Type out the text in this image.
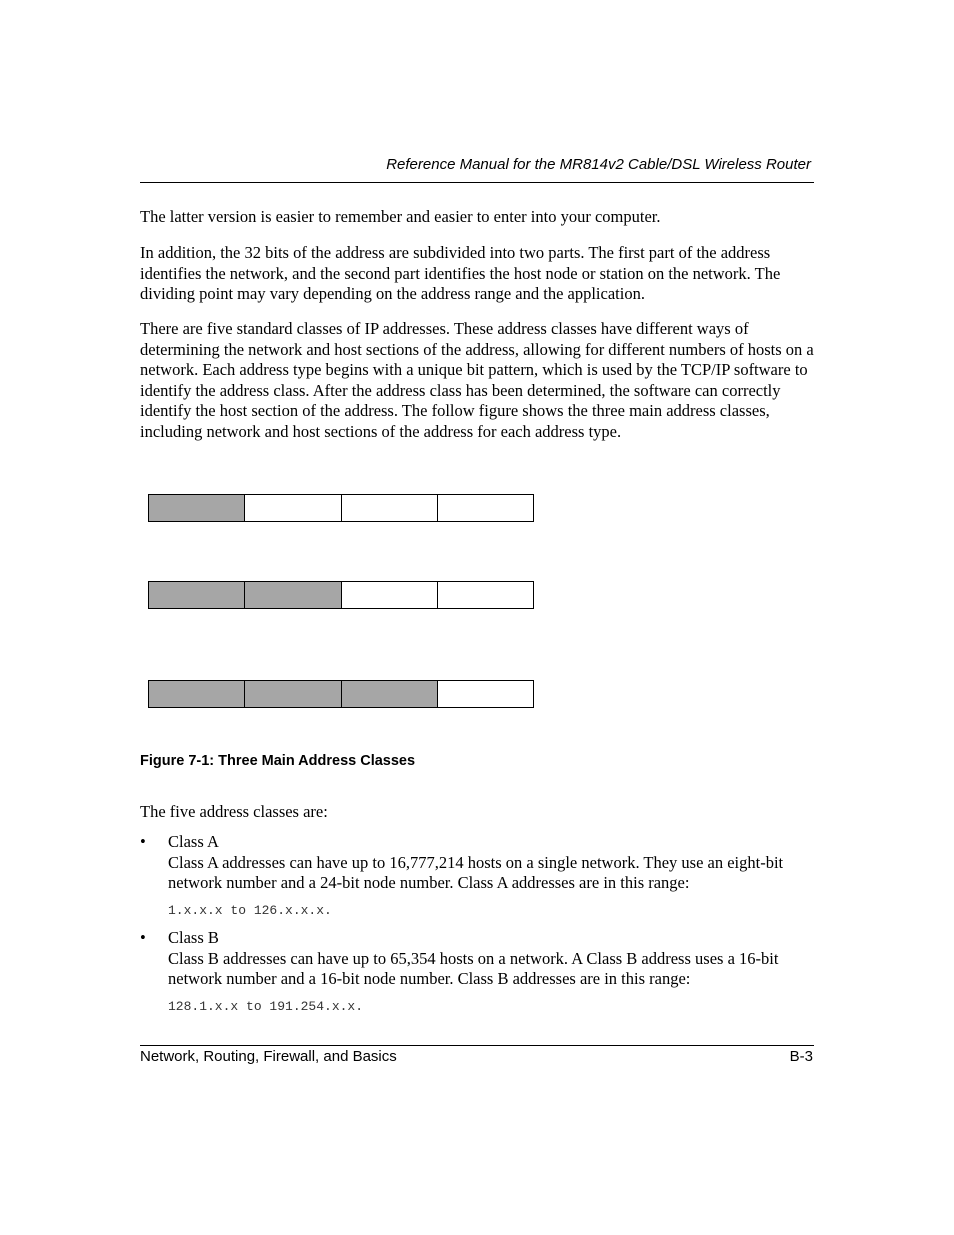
Reference Manual for the MR814v2 Cable/DSL Wireless Router

The latter version is easier to remember and easier to enter into your computer.

In addition, the 32 bits of the address are subdivided into two parts. The first part of the address identifies the network, and the second part identifies the host node or station on the network. The dividing point may vary depending on the address range and the application.

There are five standard classes of IP addresses. These address classes have different ways of determining the network and host sections of the address, allowing for different numbers of hosts on a network. Each address type begins with a unique bit pattern, which is used by the TCP/IP software to identify the address class. After the address class has been determined, the software can correctly identify the host section of the address. The follow figure shows the three main address classes, including network and host sections of the address for each address type.

Figure 7-1: Three Main Address Classes

The five address classes are:

• Class A
Class A addresses can have up to 16,777,214 hosts on a single network. They use an eight-bit network number and a 24-bit node number. Class A addresses are in this range:
1.x.x.x to 126.x.x.x.
• Class B
Class B addresses can have up to 65,354 hosts on a network. A Class B address uses a 16-bit network number and a 16-bit node number. Class B addresses are in this range:
128.1.x.x to 191.254.x.x.
Network, Routing, Firewall, and Basics	B-3
